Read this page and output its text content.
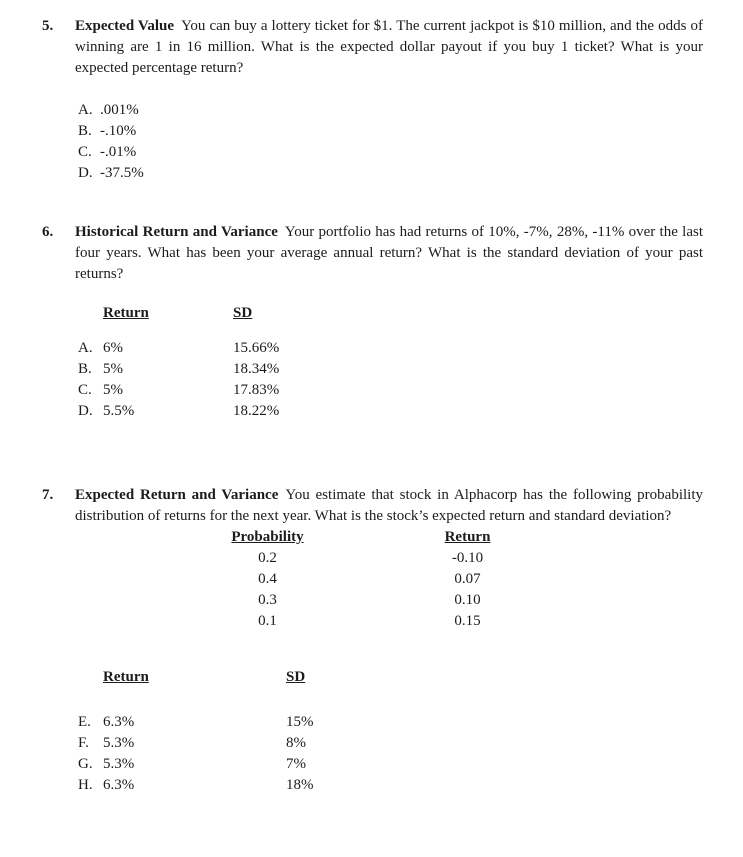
5.	Expected Value You can buy a lottery ticket for $1. The current jackpot is $10 million, and the odds of winning are 1 in 16 million. What is the expected dollar payout if you buy 1 ticket? What is your expected percentage return?
A. .001%
B. -.10%
C. -.01%
D. -37.5%
6.	Historical Return and Variance Your portfolio has had returns of 10%, -7%, 28%, -11% over the last four years. What has been your average annual return? What is the standard deviation of your past returns?
Return	SD
A. 6%	15.66%
B. 5%	18.34%
C. 5%	17.83%
D. 5.5%	18.22%
7.	Expected Return and Variance You estimate that stock in Alphacorp has the following probability distribution of returns for the next year. What is the stock’s expected return and standard deviation?
Probability	Return
0.2	-0.10
0.4	0.07
0.3	0.10
0.1	0.15
Return	SD
E. 6.3%	15%
F. 5.3%	8%
G. 5.3%	7%
H. 6.3%	18%
